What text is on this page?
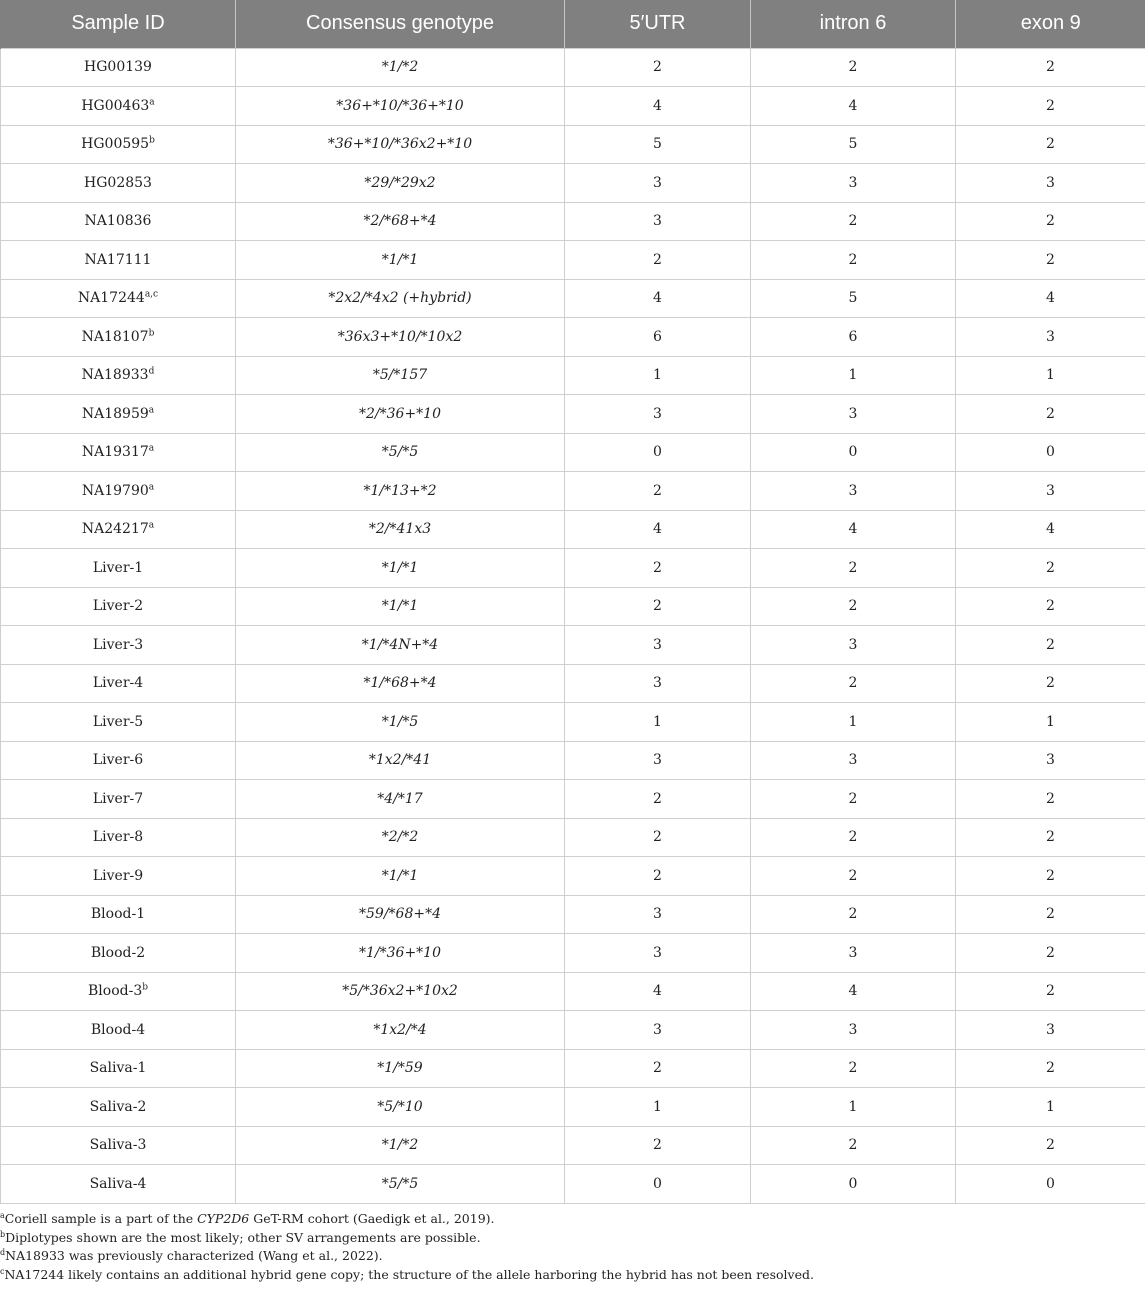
Sample ID	Consensus genotype	5′UTR	intron 6	exon 9
HG00139	*1/*2	2	2	2
HG00463$^a$	*36+*10/*36+*10	4	4	2
HG00595$^b$	*36+*10/*36x2+*10	5	5	2
HG02853	*29/*29x2	3	3	3
NA10836	*2/*68+*4	3	2	2
NA17111	*1/*1	2	2	2
NA17244$^{a,c}$	*2x2/*4x2 (+hybrid)	4	5	4
NA18107$^b$	*36x3+*10/*10x2	6	6	3
NA18933$^d$	*5/*157	1	1	1
NA18959$^a$	*2/*36+*10	3	3	2
NA19317$^a$	*5/*5	0	0	0
NA19790$^a$	*1/*13+*2	2	3	3
NA24217$^a$	*2/*41x3	4	4	4
Liver-1	*1/*1	2	2	2
Liver-2	*1/*1	2	2	2
Liver-3	*1/*4N+*4	3	3	2
Liver-4	*1/*68+*4	3	2	2
Liver-5	*1/*5	1	1	1
Liver-6	*1x2/*41	3	3	3
Liver-7	*4/*17	2	2	2
Liver-8	*2/*2	2	2	2
Liver-9	*1/*1	2	2	2
Blood-1	*59/*68+*4	3	2	2
Blood-2	*1/*36+*10	3	3	2
Blood-3$^b$	*5/*36x2+*10x2	4	4	2
Blood-4	*1x2/*4	3	3	3
Saliva-1	*1/*59	2	2	2
Saliva-2	*5/*10	1	1	1
Saliva-3	*1/*2	2	2	2
Saliva-4	*5/*5	0	0	0
$^a$Coriell sample is a part of the CYP2D6 GeT-RM cohort (Gaedigk et al., 2019).
$^b$Diplotypes shown are the most likely; other SV arrangements are possible.
$^d$NA18933 was previously characterized (Wang et al., 2022).
$^c$NA17244 likely contains an additional hybrid gene copy; the structure of the allele harboring the hybrid has not been resolved.
